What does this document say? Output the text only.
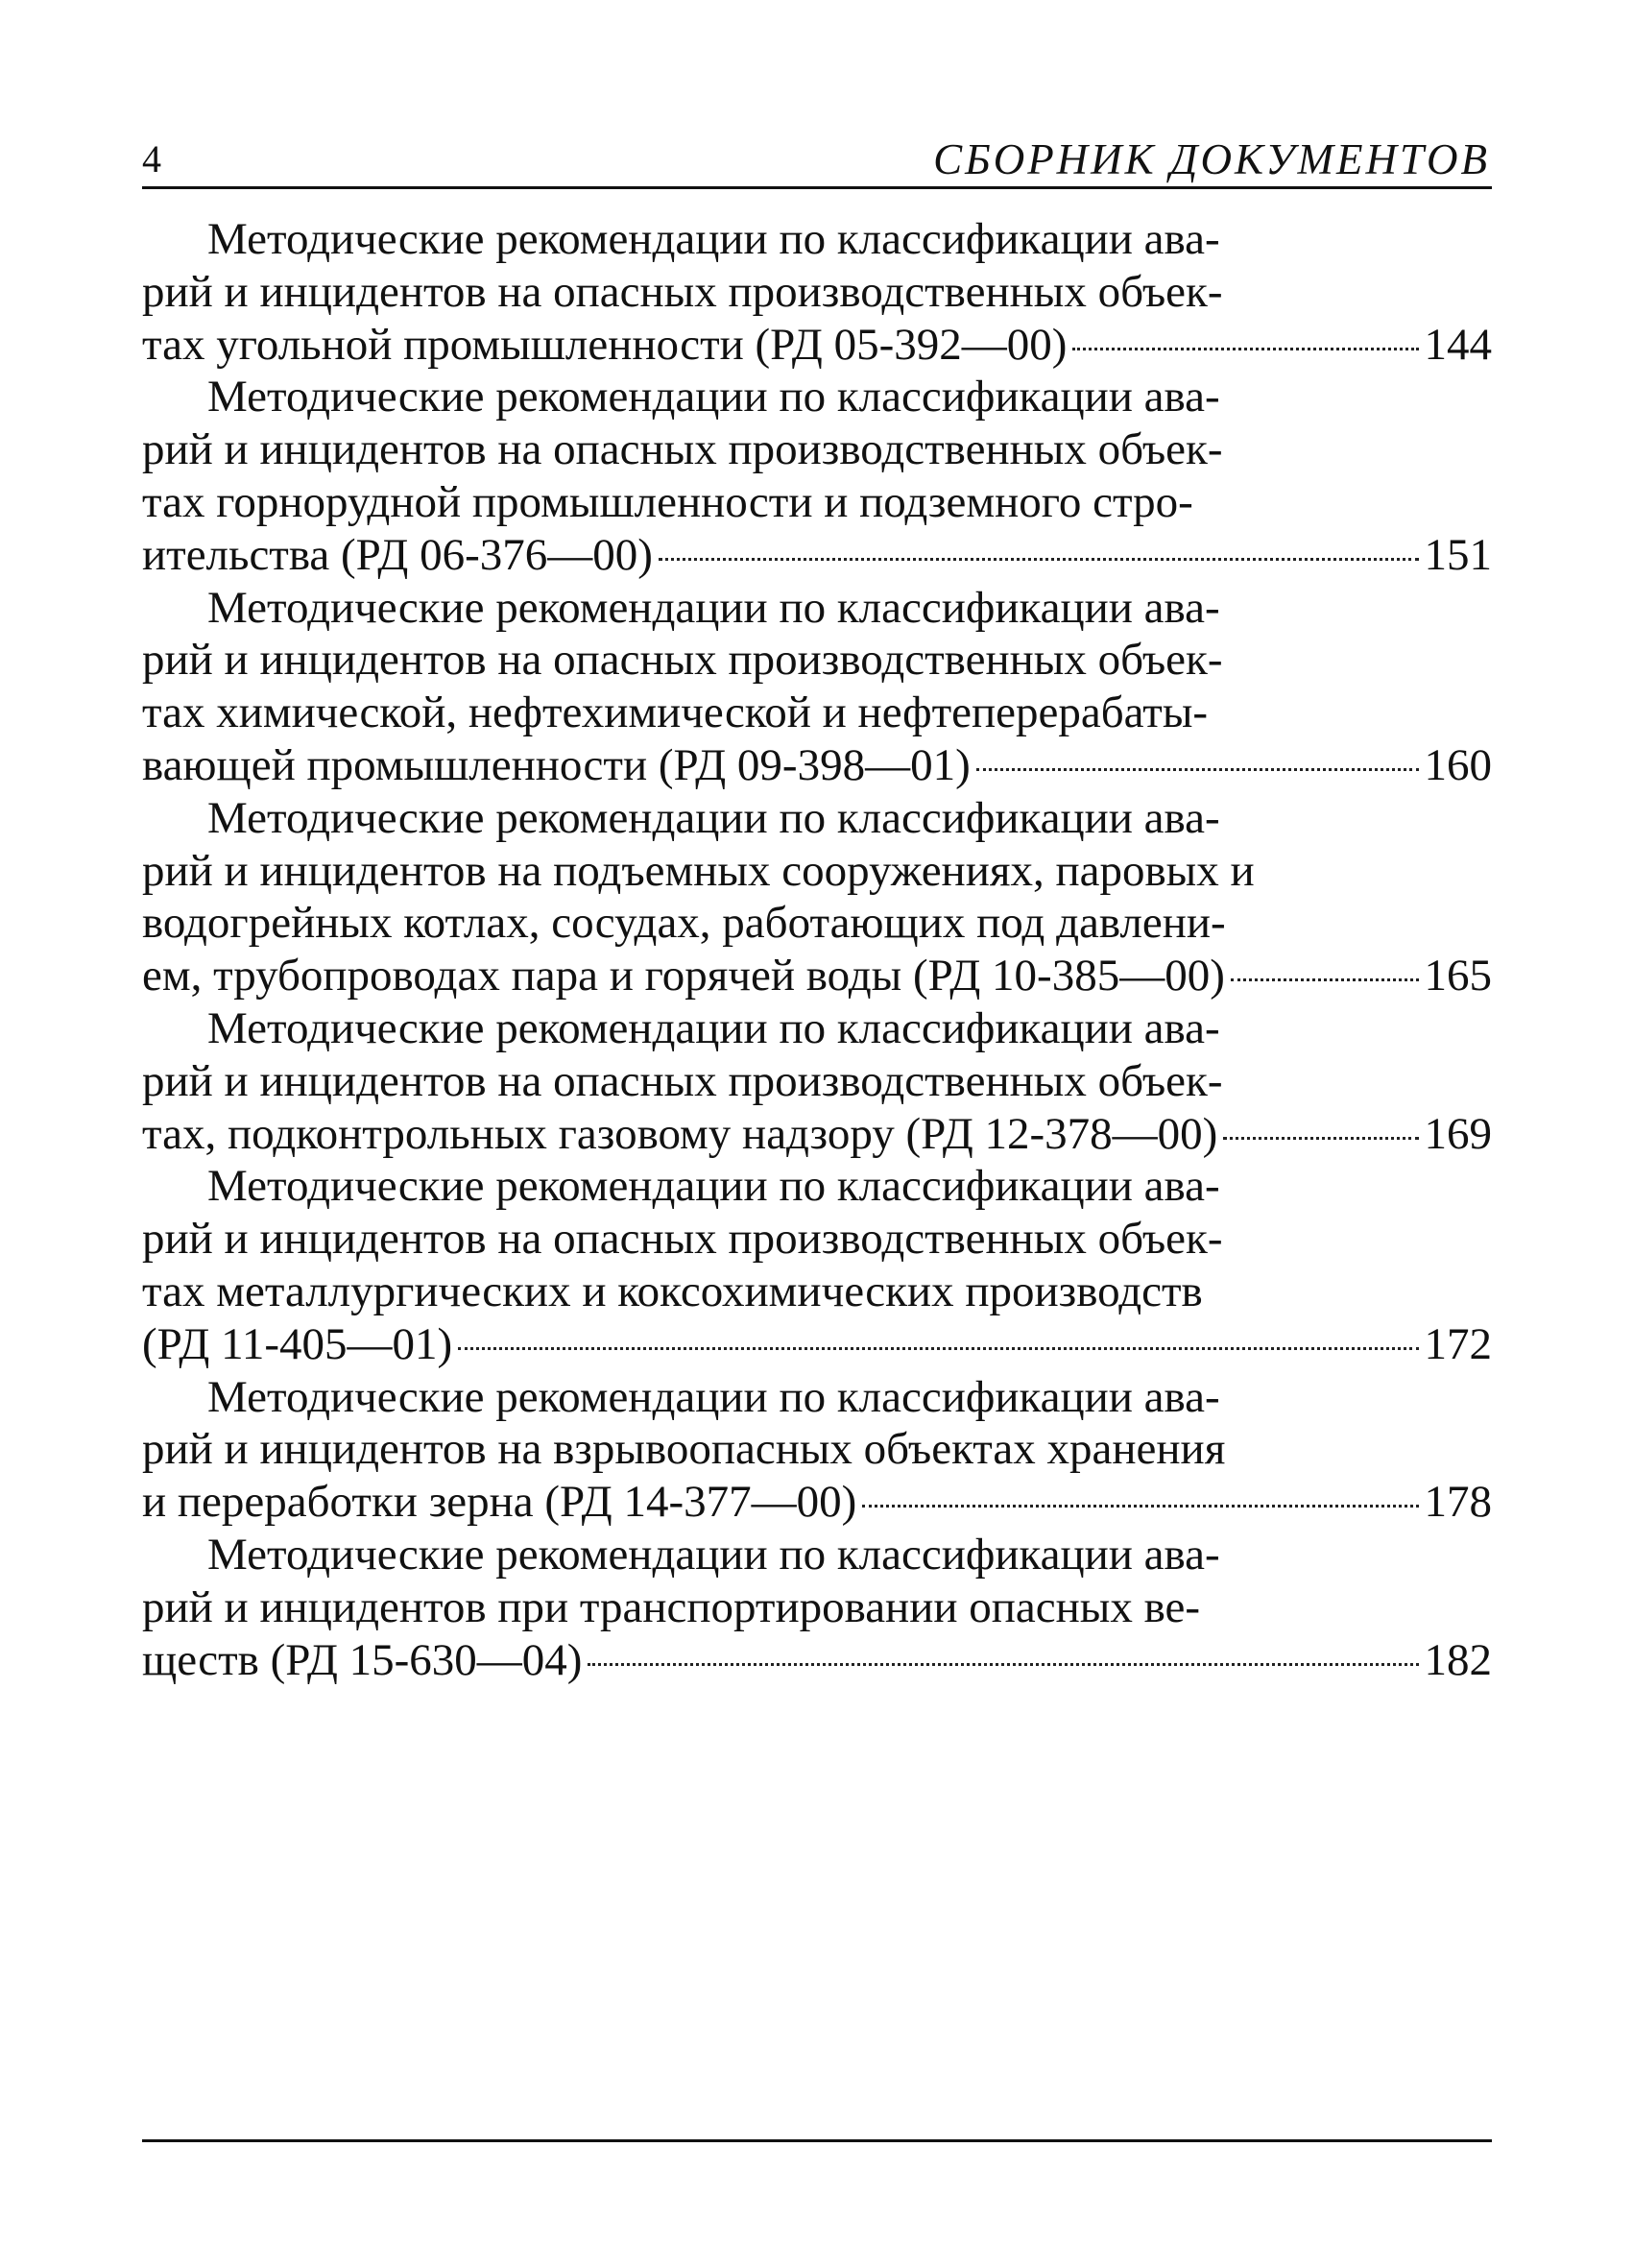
4	СБОРНИК ДОКУМЕНТОВ
Методические рекомендации по классификации ава-
рий и инцидентов на опасных производственных объек-
тах угольной промышленности (РД 05-392—00)	144
Методические рекомендации по классификации ава-
рий и инцидентов на опасных производственных объек-
тах горнорудной промышленности и подземного стро-
ительства (РД 06-376—00)	151
Методические рекомендации по классификации ава-
рий и инцидентов на опасных производственных объек-
тах химической, нефтехимической и нефтеперерабаты-
вающей промышленности (РД 09-398—01)	160
Методические рекомендации по классификации ава-
рий и инцидентов на подъемных сооружениях, паровых и
водогрейных котлах, сосудах, работающих под давлени-
ем, трубопроводах пара и горячей воды (РД 10-385—00)	165
Методические рекомендации по классификации ава-
рий и инцидентов на опасных производственных объек-
тах, подконтрольных газовому надзору (РД 12-378—00)	169
Методические рекомендации по классификации ава-
рий и инцидентов на опасных производственных объек-
тах металлургических и коксохимических производств
(РД 11-405—01)	172
Методические рекомендации по классификации ава-
рий и инцидентов на взрывоопасных объектах хранения
и переработки зерна (РД 14-377—00)	178
Методические рекомендации по классификации ава-
рий и инцидентов при транспортировании опасных ве-
ществ (РД 15-630—04)	182
